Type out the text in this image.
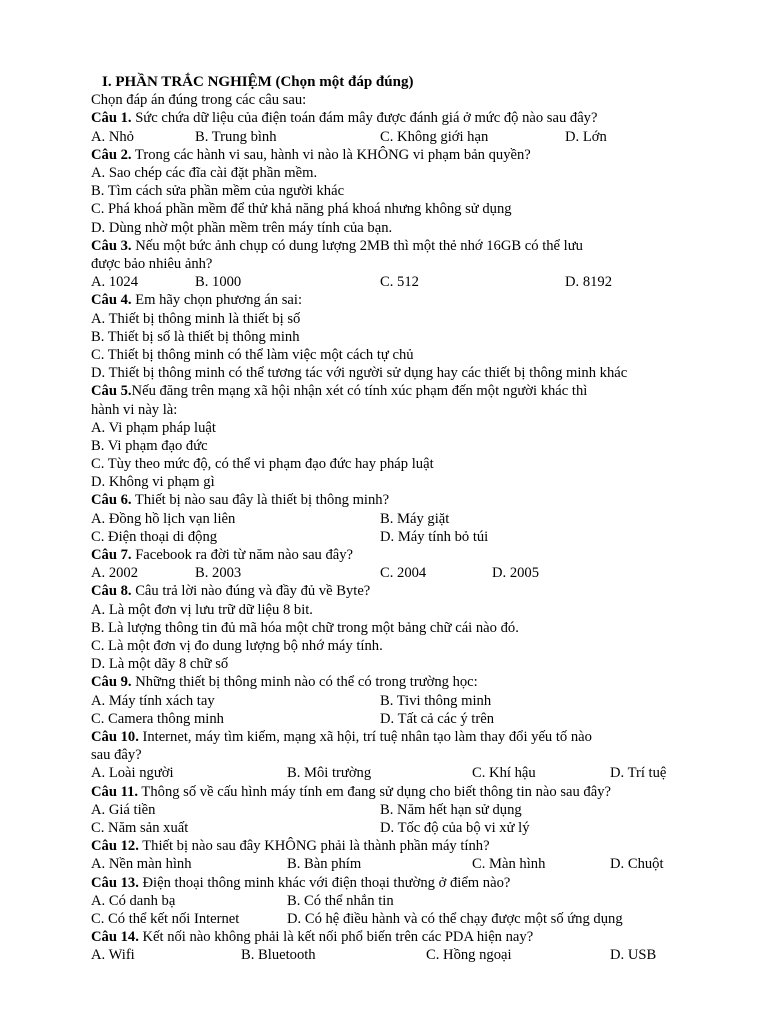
I. PHẦN TRẮC NGHIỆM (Chọn một đáp đúng)
Chọn đáp án đúng trong các câu sau:
Câu 1. Sức chứa dữ liệu của điện toán đám mây được đánh giá ở mức độ nào sau đây?
A. Nhỏ	B. Trung bình	C. Không giới hạn	D. Lớn
Câu 2. Trong các hành vi sau, hành vi nào là KHÔNG vi phạm bản quyền?
A. Sao chép các đĩa cài đặt phần mềm.
B. Tìm cách sửa phần mềm của người khác
C. Phá khoá phần mềm để thử khả năng phá khoá nhưng không sử dụng
D. Dùng nhờ một phần mềm trên máy tính của bạn.
Câu 3. Nếu một bức ảnh chụp có dung lượng 2MB thì một thẻ nhớ 16GB có thể lưu
được bảo nhiêu ảnh?
A. 1024	B. 1000	C. 512	D. 8192
Câu 4. Em hãy chọn phương án sai:
A. Thiết bị thông minh là thiết bị số
B. Thiết bị số là thiết bị thông minh
C. Thiết bị thông minh có thể làm việc một cách tự chủ
D. Thiết bị thông minh có thể tương tác với người sử dụng hay các thiết bị thông minh khác
Câu 5.Nếu đăng trên mạng xã hội nhận xét có tính xúc phạm đến một người khác thì
hành vi này là:
A. Vi phạm pháp luật
B. Vi phạm đạo đức
C. Tùy theo mức độ, có thể vi phạm đạo đức hay pháp luật
D. Không vi phạm gì
Câu 6. Thiết bị nào sau đây là thiết bị thông minh?
A. Đồng hồ lịch vạn liên	B. Máy giặt
C. Điện thoại di động	D. Máy tính bỏ túi
Câu 7. Facebook ra đời từ năm nào sau đây?
A. 2002	B. 2003	C. 2004	D. 2005
Câu 8. Câu trả lời nào đúng và đầy đủ về Byte?
A. Là một đơn vị lưu trữ dữ liệu 8 bit.
B. Là lượng thông tin đủ mã hóa một chữ trong một bảng chữ cái nào đó.
C. Là một đơn vị đo dung lượng bộ nhớ máy tính.
D. Là một dãy 8 chữ số
Câu 9. Những thiết bị thông minh nào có thể có trong trường học:
A. Máy tính xách tay	B. Tivi thông minh
C. Camera thông minh	D. Tất cả các ý trên
Câu 10. Internet, máy tìm kiếm, mạng xã hội, trí tuệ nhân tạo làm thay đổi yếu tố nào
sau đây?
A. Loài người	B. Môi trường	C. Khí hậu	D. Trí tuệ
Câu 11. Thông số về cấu hình máy tính em đang sử dụng cho biết thông tin nào sau đây?
A. Giá tiền	B. Năm hết hạn sử dụng
C. Năm sản xuất	D. Tốc độ của bộ vi xử lý
Câu 12. Thiết bị nào sau đây KHÔNG phải là thành phần máy tính?
A. Nền màn hình	B. Bàn phím	C. Màn hình	D. Chuột
Câu 13. Điện thoại thông minh khác với điện thoại thường ở điểm nào?
A. Có danh bạ	B. Có thể nhắn tin
C. Có thể kết nối Internet	D. Có hệ điều hành và có thể chạy được một số ứng dụng
Câu 14. Kết nối nào không phải là kết nối phổ biến trên các PDA hiện nay?
A. Wifi	B. Bluetooth	C. Hồng ngoại	D. USB
